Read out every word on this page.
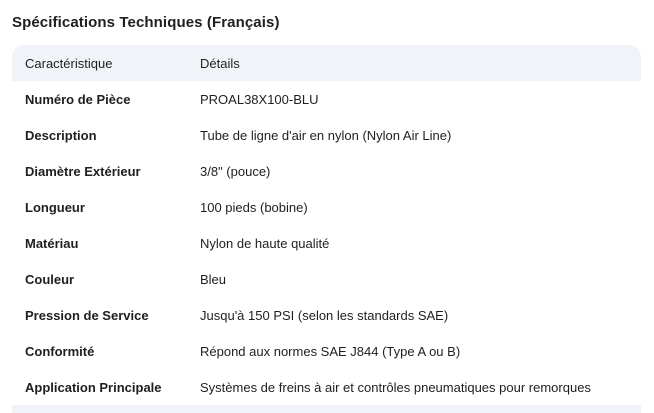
Spécifications Techniques (Français)
Caractéristique	Détails
Numéro de Pièce	PROAL38X100-BLU
Description	Tube de ligne d'air en nylon (Nylon Air Line)
Diamètre Extérieur	3/8" (pouce)
Longueur	100 pieds (bobine)
Matériau	Nylon de haute qualité
Couleur	Bleu
Pression de Service	Jusqu'à 150 PSI (selon les standards SAE)
Conformité	Répond aux normes SAE J844 (Type A ou B)
Application Principale	Systèmes de freins à air et contrôles pneumatiques pour remorques
